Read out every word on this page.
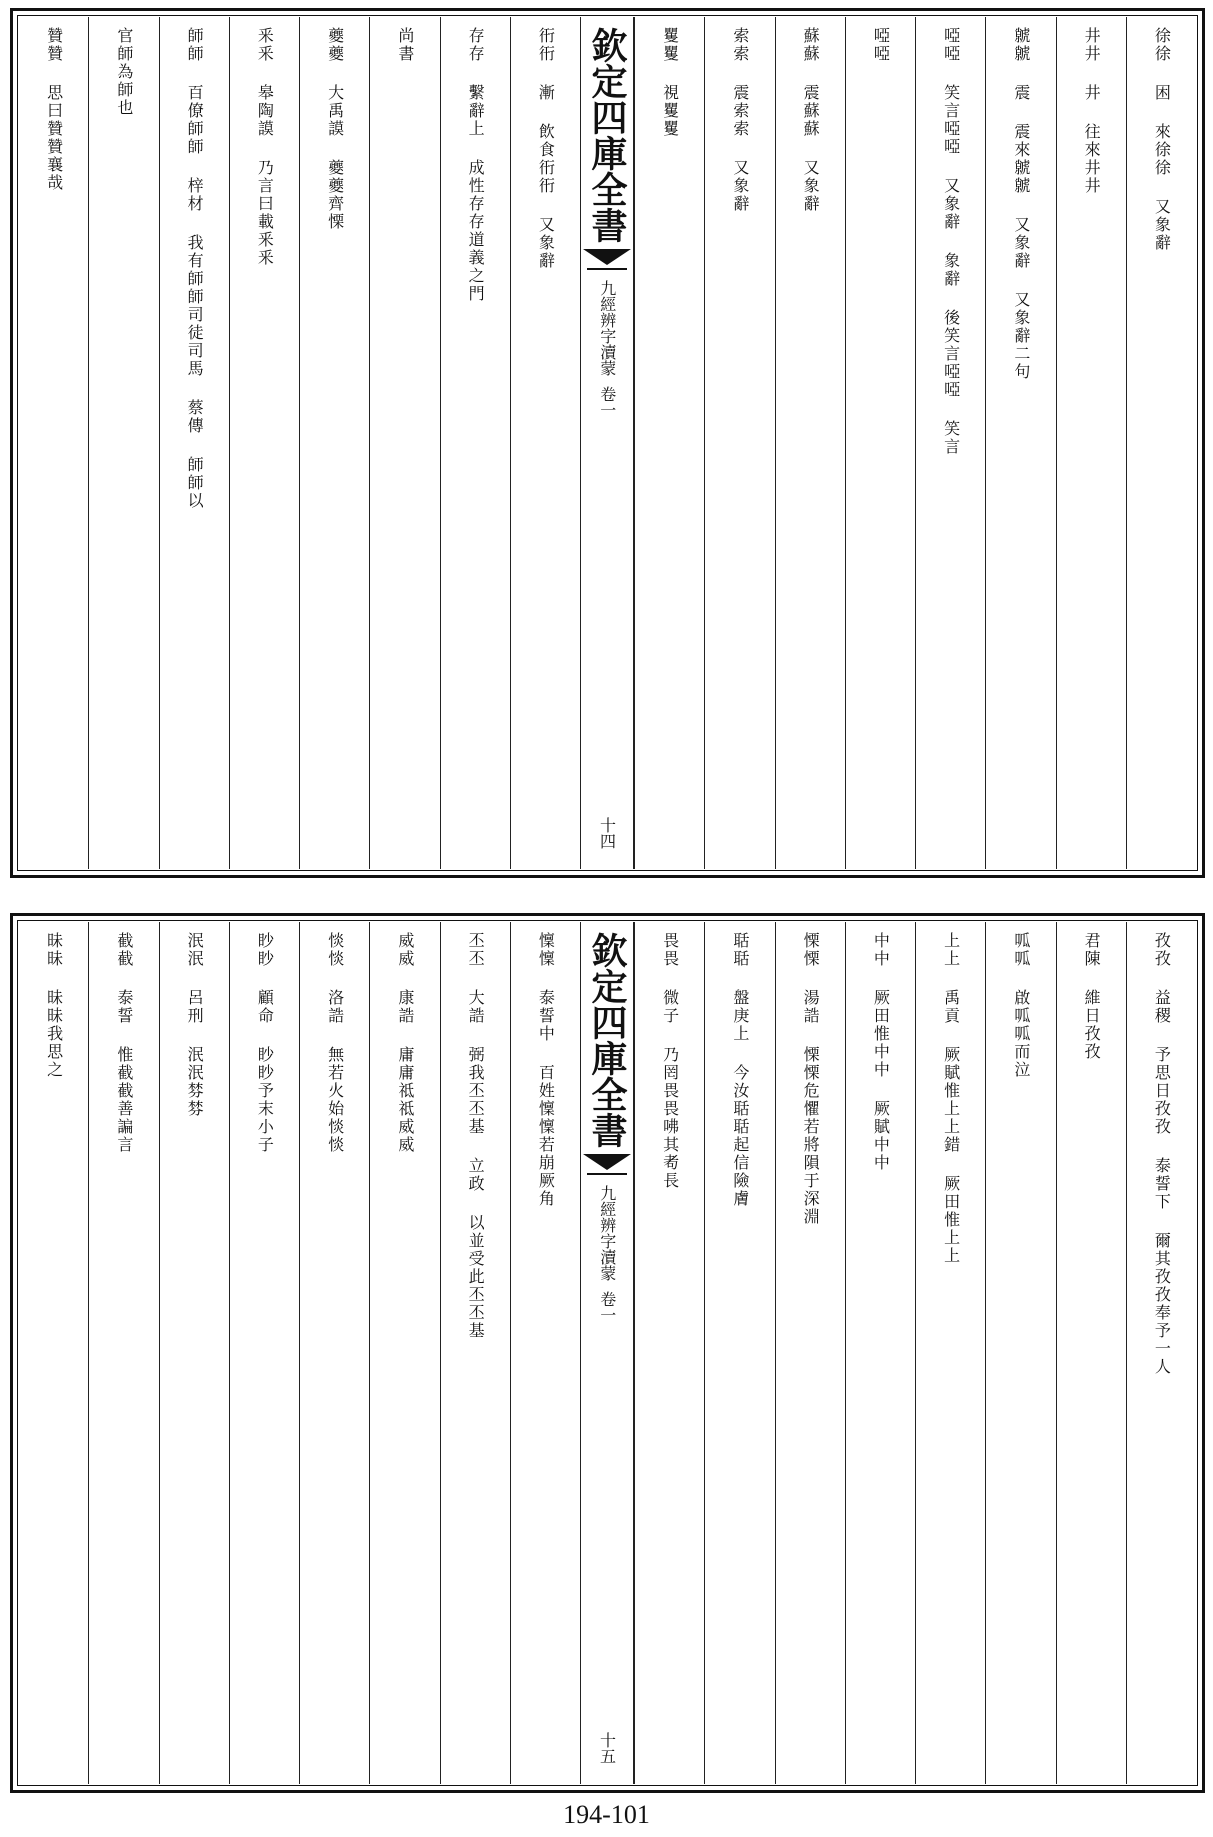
徐徐 困 來徐徐 又象辭
井井 井 往來井井
虩虩 震 震來虩虩 又象辭 又象辭二句
啞啞 笑言啞啞 又象辭 象辭 後笑言啞啞 笑言
啞啞
蘇蘇 震蘇蘇 又象辭
索索 震索索 又象辭
矍矍 視矍矍
欽定四庫全書
九經辨字瀆蒙
卷一
十四
衎衎 漸 飲食衎衎 又象辭
存存 繫辭上 成性存存道義之門
尚書
夔夔 大禹謨 夔夔齊慄
釆釆 皋陶謨 乃言曰載釆釆
師師 百僚師師 梓材 我有師師司徒司馬 蔡傳 師師以
官師為師也
贊贊 思曰贊贊襄哉
孜孜 益稷 予思日孜孜 泰誓下 爾其孜孜奉予一人
君陳 維日孜孜
呱呱 啟呱呱而泣
上上 禹貢 厥賦惟上上錯 厥田惟上上
中中 厥田惟中中 厥賦中中
慄慄 湯誥 慄慄危懼若將隕于深淵
聒聒 盤庚上 今汝聒聒起信險膚
畏畏 微子 乃罔畏畏咈其耇長
欽定四庫全書
九經辨字瀆蒙
卷一
十五
懍懍 泰誓中 百姓懍懍若崩厥角
丕丕 大誥 弼我丕丕基 立政 以並受此丕丕基
威威 康誥 庸庸祗祗威威
惔惔 洛誥 無若火始惔惔
眇眇 顧命 眇眇予末小子
泯泯 呂刑 泯泯棼棼
截截 泰誓 惟截截善諞言
昧昧 昧昧我思之
194-101
